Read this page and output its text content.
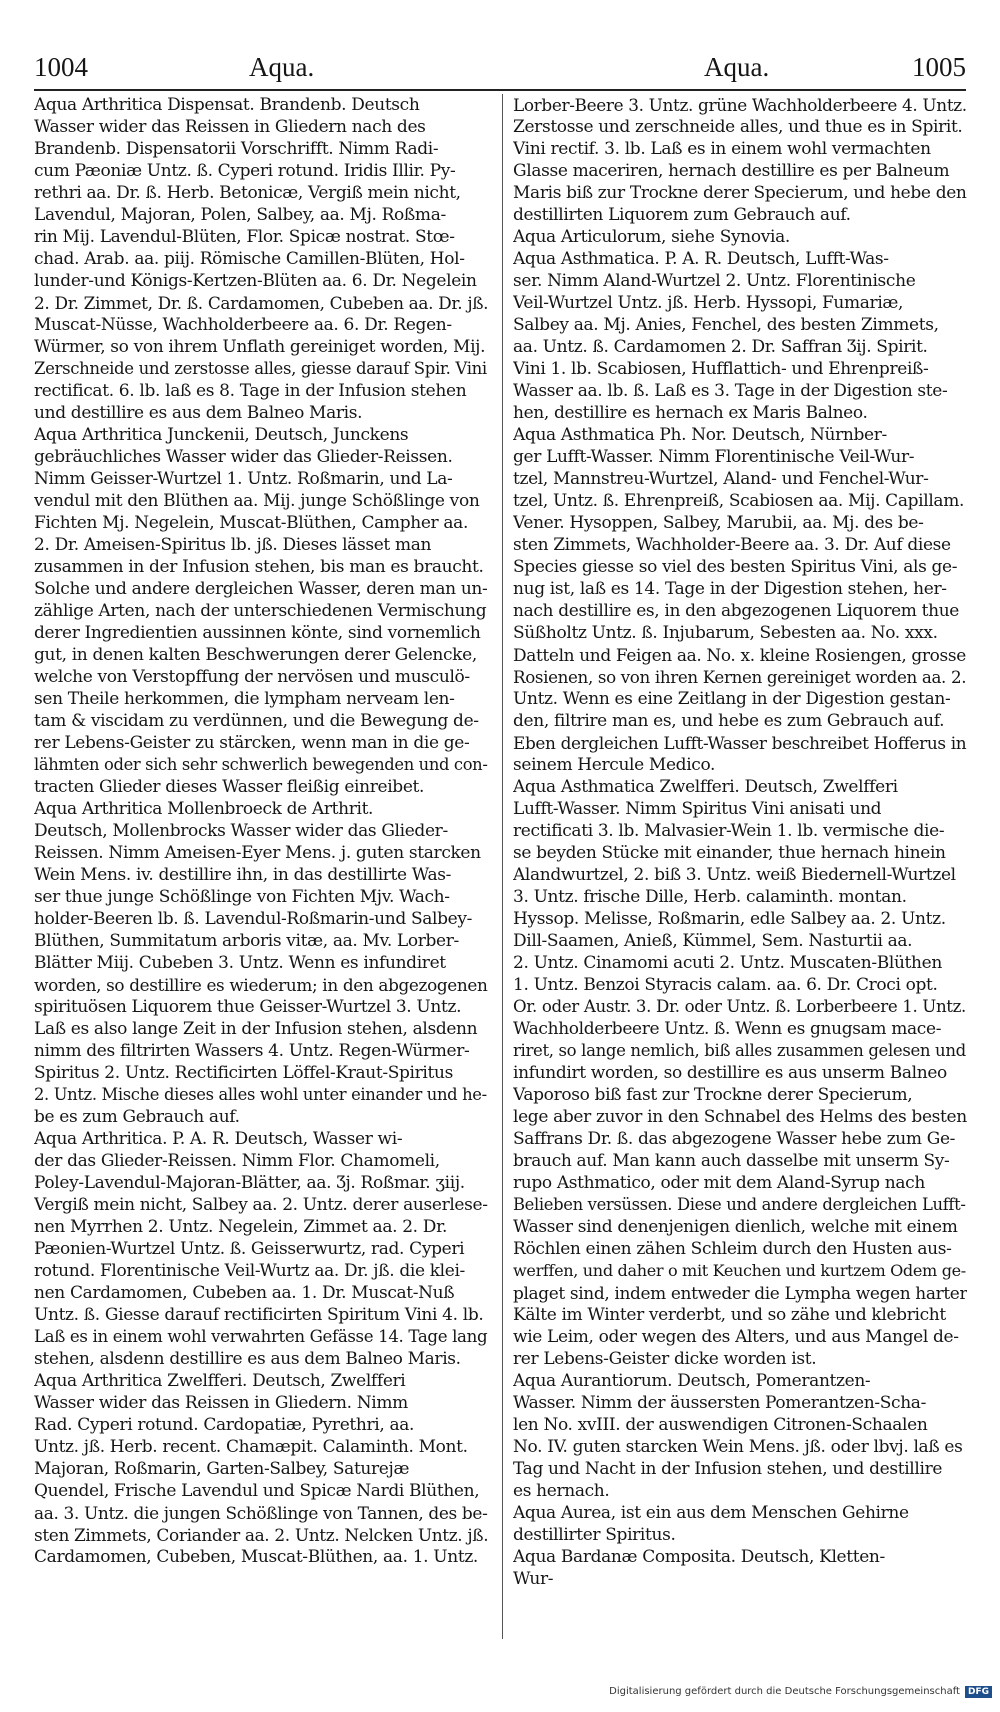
1004	Aqua.	Aqua.	1005
Aqua Arthritica Dispensat. Brandenb. Deutsch
Wasser wider das Reissen in Gliedern nach des
Brandenb. Dispensatorii Vorschrifft. Nimm Radi-
cum Pæoniæ Untz. ß. Cyperi rotund. Iridis Illir. Py-
rethri aa. Dr. ß. Herb. Betonicæ, Vergiß mein nicht,
Lavendul, Majoran, Polen, Salbey, aa. Mj. Roßma-
rin Mij. Lavendul-Blüten, Flor. Spicæ nostrat. Stœ-
chad. Arab. aa. piij. Römische Camillen-Blüten, Hol-
lunder-und Königs-Kertzen-Blüten aa. 6. Dr. Negelein
2. Dr. Zimmet, Dr. ß. Cardamomen, Cubeben aa. Dr. jß.
Muscat-Nüsse, Wachholderbeere aa. 6. Dr. Regen-
Würmer, so von ihrem Unflath gereiniget worden, Mij.
Zerschneide und zerstosse alles, giesse darauf Spir. Vini
rectificat. 6. lb. laß es 8. Tage in der Infusion stehen
und destillire es aus dem Balneo Maris.
Aqua Arthritica Junckenii, Deutsch, Junckens
gebräuchliches Wasser wider das Glieder-Reissen.
Nimm Geisser-Wurtzel 1. Untz. Roßmarin, und La-
vendul mit den Blüthen aa. Mij. junge Schößlinge von
Fichten Mj. Negelein, Muscat-Blüthen, Campher aa.
2. Dr. Ameisen-Spiritus lb. jß. Dieses lässet man
zusammen in der Infusion stehen, bis man es braucht.
Solche und andere dergleichen Wasser, deren man un-
zählige Arten, nach der unterschiedenen Vermischung
derer Ingredientien aussinnen könte, sind vornemlich
gut, in denen kalten Beschwerungen derer Gelencke,
welche von Verstopffung der nervösen und musculö-
sen Theile herkommen, die lympham nerveam len-
tam & viscidam zu verdünnen, und die Bewegung de-
rer Lebens-Geister zu stärcken, wenn man in die ge-
lähmten oder sich sehr schwerlich bewegenden und con-
tracten Glieder dieses Wasser fleißig einreibet.
Aqua Arthritica Mollenbroeck de Arthrit.
Deutsch, Mollenbrocks Wasser wider das Glieder-
Reissen. Nimm Ameisen-Eyer Mens. j. guten starcken
Wein Mens. iv. destillire ihn, in das destillirte Was-
ser thue junge Schößlinge von Fichten Mjv. Wach-
holder-Beeren lb. ß. Lavendul-Roßmarin-und Salbey-
Blüthen, Summitatum arboris vitæ, aa. Mv. Lorber-
Blätter Miij. Cubeben 3. Untz. Wenn es infundiret
worden, so destillire es wiederum; in den abgezogenen
spirituösen Liquorem thue Geisser-Wurtzel 3. Untz.
Laß es also lange Zeit in der Infusion stehen, alsdenn
nimm des filtrirten Wassers 4. Untz. Regen-Würmer-
Spiritus 2. Untz. Rectificirten Löffel-Kraut-Spiritus
2. Untz. Mische dieses alles wohl unter einander und he-
be es zum Gebrauch auf.
Aqua Arthritica. P. A. R. Deutsch, Wasser wi-
der das Glieder-Reissen. Nimm Flor. Chamomeli,
Poley-Lavendul-Majoran-Blätter, aa. Ʒj. Roßmar. ʒiij.
Vergiß mein nicht, Salbey aa. 2. Untz. derer auserlese-
nen Myrrhen 2. Untz. Negelein, Zimmet aa. 2. Dr.
Pæonien-Wurtzel Untz. ß. Geisserwurtz, rad. Cyperi
rotund. Florentinische Veil-Wurtz aa. Dr. jß. die klei-
nen Cardamomen, Cubeben aa. 1. Dr. Muscat-Nuß
Untz. ß. Giesse darauf rectificirten Spiritum Vini 4. lb.
Laß es in einem wohl verwahrten Gefässe 14. Tage lang
stehen, alsdenn destillire es aus dem Balneo Maris.
Aqua Arthritica Zwelfferi. Deutsch, Zwelfferi
Wasser wider das Reissen in Gliedern. Nimm
Rad. Cyperi rotund. Cardopatiæ, Pyrethri, aa.
Untz. jß. Herb. recent. Chamæpit. Calaminth. Mont.
Majoran, Roßmarin, Garten-Salbey, Saturejæ
Quendel, Frische Lavendul und Spicæ Nardi Blüthen,
aa. 3. Untz. die jungen Schößlinge von Tannen, des be-
sten Zimmets, Coriander aa. 2. Untz. Nelcken Untz. jß.
Cardamomen, Cubeben, Muscat-Blüthen, aa. 1. Untz.
Lorber-Beere 3. Untz. grüne Wachholderbeere 4. Untz.
Zerstosse und zerschneide alles, und thue es in Spirit.
Vini rectif. 3. lb. Laß es in einem wohl vermachten
Glasse maceriren, hernach destillire es per Balneum
Maris biß zur Trockne derer Specierum, und hebe den
destillirten Liquorem zum Gebrauch auf.
Aqua Articulorum, siehe Synovia.
Aqua Asthmatica. P. A. R. Deutsch, Lufft-Was-
ser. Nimm Aland-Wurtzel 2. Untz. Florentinische
Veil-Wurtzel Untz. jß. Herb. Hyssopi, Fumariæ,
Salbey aa. Mj. Anies, Fenchel, des besten Zimmets,
aa. Untz. ß. Cardamomen 2. Dr. Saffran Ʒij. Spirit.
Vini 1. lb. Scabiosen, Hufflattich- und Ehrenpreiß-
Wasser aa. lb. ß. Laß es 3. Tage in der Digestion ste-
hen, destillire es hernach ex Maris Balneo.
Aqua Asthmatica Ph. Nor. Deutsch, Nürnber-
ger Lufft-Wasser. Nimm Florentinische Veil-Wur-
tzel, Mannstreu-Wurtzel, Aland- und Fenchel-Wur-
tzel, Untz. ß. Ehrenpreiß, Scabiosen aa. Mij. Capillam.
Vener. Hysoppen, Salbey, Marubii, aa. Mj. des be-
sten Zimmets, Wachholder-Beere aa. 3. Dr. Auf diese
Species giesse so viel des besten Spiritus Vini, als ge-
nug ist, laß es 14. Tage in der Digestion stehen, her-
nach destillire es, in den abgezogenen Liquorem thue
Süßholtz Untz. ß. Injubarum, Sebesten aa. No. xxx.
Datteln und Feigen aa. No. x. kleine Rosiengen, grosse
Rosienen, so von ihren Kernen gereiniget worden aa. 2.
Untz. Wenn es eine Zeitlang in der Digestion gestan-
den, filtrire man es, und hebe es zum Gebrauch auf.
Eben dergleichen Lufft-Wasser beschreibet Hofferus in
seinem Hercule Medico.
Aqua Asthmatica Zwelfferi. Deutsch, Zwelfferi
Lufft-Wasser. Nimm Spiritus Vini anisati und
rectificati 3. lb. Malvasier-Wein 1. lb. vermische die-
se beyden Stücke mit einander, thue hernach hinein
Alandwurtzel, 2. biß 3. Untz. weiß Biedernell-Wurtzel
3. Untz. frische Dille, Herb. calaminth. montan.
Hyssop. Melisse, Roßmarin, edle Salbey aa. 2. Untz.
Dill-Saamen, Anieß, Kümmel, Sem. Nasturtii aa.
2. Untz. Cinamomi acuti 2. Untz. Muscaten-Blüthen
1. Untz. Benzoi Styracis calam. aa. 6. Dr. Croci opt.
Or. oder Austr. 3. Dr. oder Untz. ß. Lorberbeere 1. Untz.
Wachholderbeere Untz. ß. Wenn es gnugsam mace-
riret, so lange nemlich, biß alles zusammen gelesen und
infundirt worden, so destillire es aus unserm Balneo
Vaporoso biß fast zur Trockne derer Specierum,
lege aber zuvor in den Schnabel des Helms des besten
Saffrans Dr. ß. das abgezogene Wasser hebe zum Ge-
brauch auf. Man kann auch dasselbe mit unserm Sy-
rupo Asthmatico, oder mit dem Aland-Syrup nach
Belieben versüssen. Diese und andere dergleichen Lufft-
Wasser sind denenjenigen dienlich, welche mit einem
Röchlen einen zähen Schleim durch den Husten aus-
werffen, und daher o mit Keuchen und kurtzem Odem ge-
plaget sind, indem entweder die Lympha wegen harter
Kälte im Winter verderbt, und so zähe und klebricht
wie Leim, oder wegen des Alters, und aus Mangel de-
rer Lebens-Geister dicke worden ist.
Aqua Aurantiorum. Deutsch, Pomerantzen-
Wasser. Nimm der äussersten Pomerantzen-Scha-
len No. xvIII. der auswendigen Citronen-Schaalen
No. IV. guten starcken Wein Mens. jß. oder lbvj. laß es
Tag und Nacht in der Infusion stehen, und destillire
es hernach.
Aqua Aurea, ist ein aus dem Menschen Gehirne
destillirter Spiritus.
Aqua Bardanæ Composita. Deutsch, Kletten-
Wur-
Digitalisierung gefördert durch die Deutsche Forschungsgemeinschaft DFG
